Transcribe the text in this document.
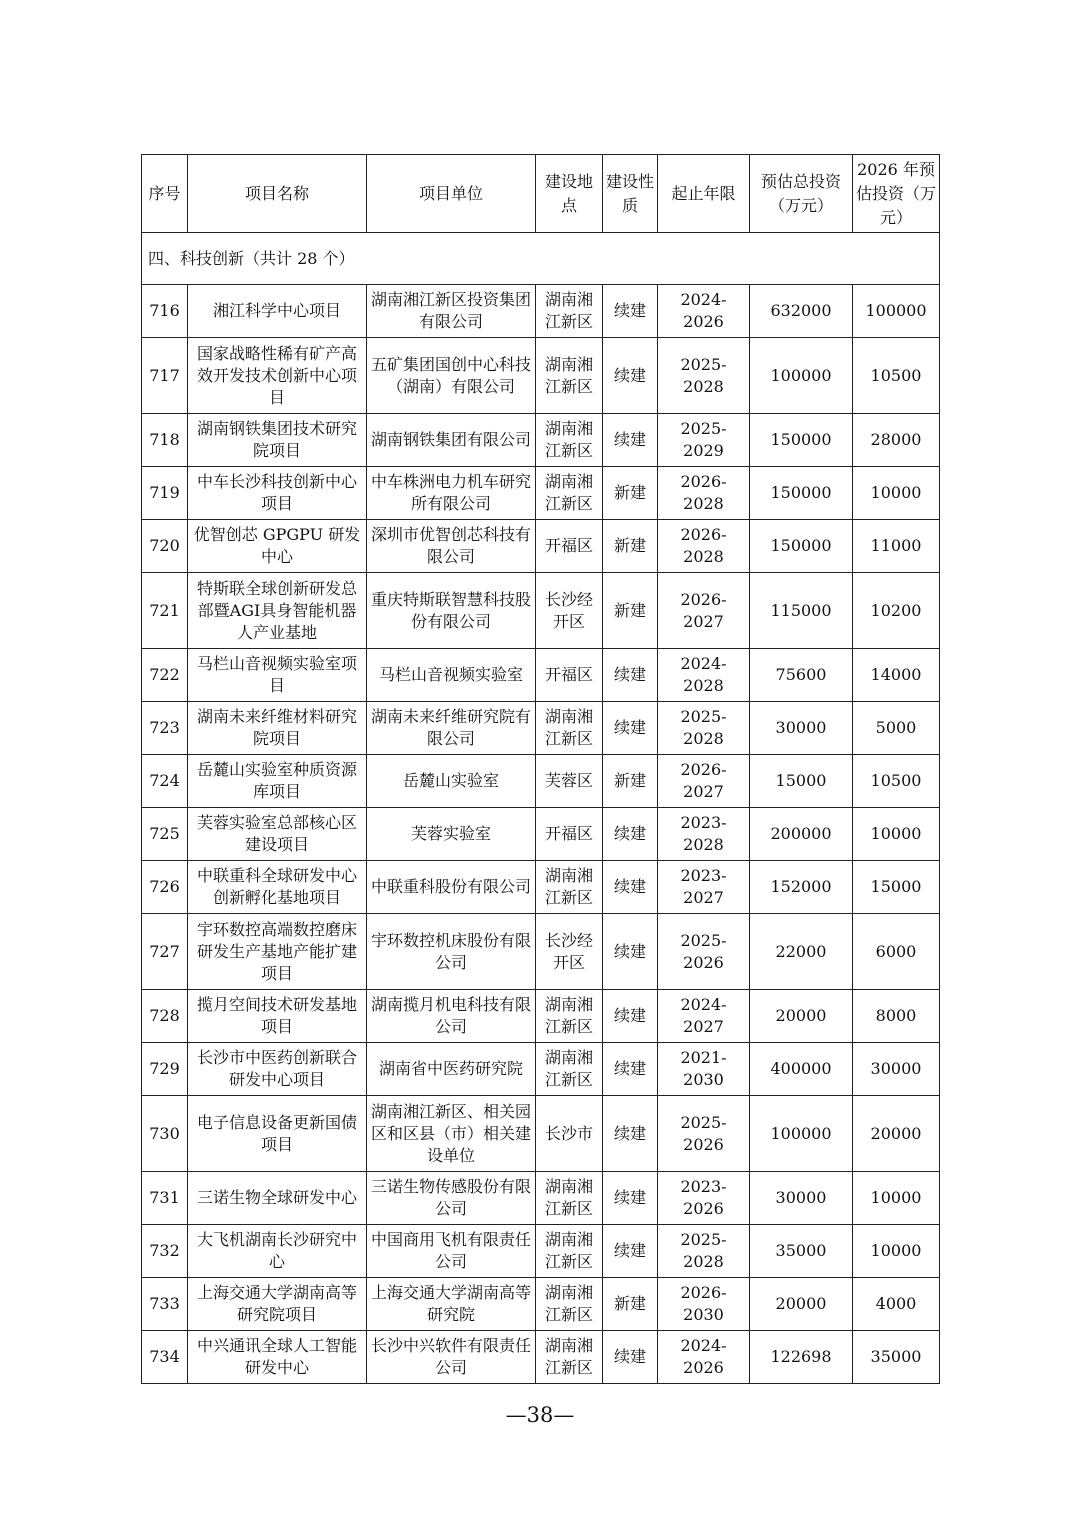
序号	项目名称	项目单位	建设地点	建设性质	起止年限	预估总投资（万元）	2026 年预估投资（万元）
四、科技创新（共计 28 个）							
716	湘江科学中心项目	湖南湘江新区投资集团有限公司	湖南湘江新区	续建	2024-2026	632000	100000
717	国家战略性稀有矿产高效开发技术创新中心项目	五矿集团国创中心科技（湖南）有限公司	湖南湘江新区	续建	2025-2028	100000	10500
718	湖南钢铁集团技术研究院项目	湖南钢铁集团有限公司	湖南湘江新区	续建	2025-2029	150000	28000
719	中车长沙科技创新中心项目	中车株洲电力机车研究所有限公司	湖南湘江新区	新建	2026-2028	150000	10000
720	优智创芯 GPGPU 研发中心	深圳市优智创芯科技有限公司	开福区	新建	2026-2028	150000	11000
721	特斯联全球创新研发总部暨AGI具身智能机器人产业基地	重庆特斯联智慧科技股份有限公司	长沙经开区	新建	2026-2027	115000	10200
722	马栏山音视频实验室项目	马栏山音视频实验室	开福区	续建	2024-2028	75600	14000
723	湖南未来纤维材料研究院项目	湖南未来纤维研究院有限公司	湖南湘江新区	续建	2025-2028	30000	5000
724	岳麓山实验室种质资源库项目	岳麓山实验室	芙蓉区	新建	2026-2027	15000	10500
725	芙蓉实验室总部核心区建设项目	芙蓉实验室	开福区	续建	2023-2028	200000	10000
726	中联重科全球研发中心创新孵化基地项目	中联重科股份有限公司	湖南湘江新区	续建	2023-2027	152000	15000
727	宇环数控高端数控磨床研发生产基地产能扩建项目	宇环数控机床股份有限公司	长沙经开区	续建	2025-2026	22000	6000
728	揽月空间技术研发基地项目	湖南揽月机电科技有限公司	湖南湘江新区	续建	2024-2027	20000	8000
729	长沙市中医药创新联合研发中心项目	湖南省中医药研究院	湖南湘江新区	续建	2021-2030	400000	30000
730	电子信息设备更新国债项目	湖南湘江新区、相关园区和区县（市）相关建设单位	长沙市	续建	2025-2026	100000	20000
731	三诺生物全球研发中心	三诺生物传感股份有限公司	湖南湘江新区	续建	2023-2026	30000	10000
732	大飞机湖南长沙研究中心	中国商用飞机有限责任公司	湖南湘江新区	续建	2025-2028	35000	10000
733	上海交通大学湖南高等研究院项目	上海交通大学湖南高等研究院	湖南湘江新区	新建	2026-2030	20000	4000
734	中兴通讯全球人工智能研发中心	长沙中兴软件有限责任公司	湖南湘江新区	续建	2024-2026	122698	35000
—38—
